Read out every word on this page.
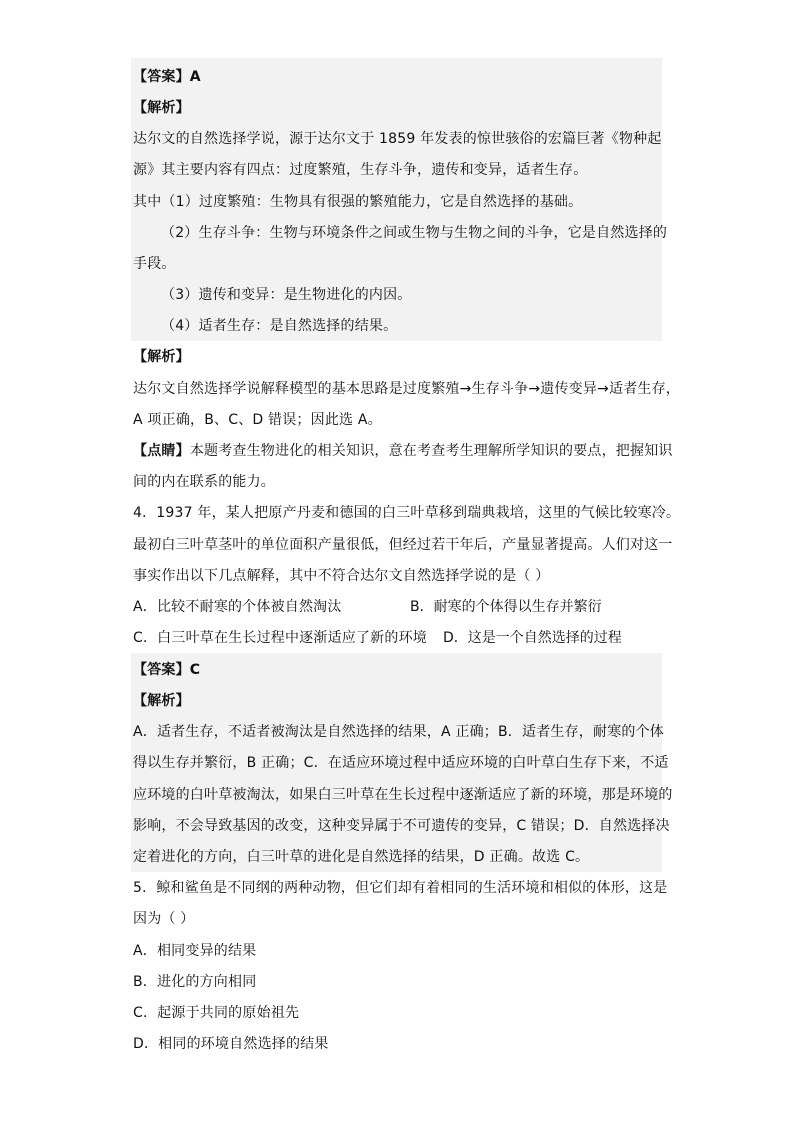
【答案】A
【解析】
达尔文的自然选择学说，源于达尔文于 1859 年发表的惊世骇俗的宏篇巨著《物种起
源》其主要内容有四点：过度繁殖，生存斗争，遗传和变异，适者生存。
其中（1）过度繁殖：生物具有很强的繁殖能力，它是自然选择的基础。
（2）生存斗争：生物与环境条件之间或生物与生物之间的斗争，它是自然选择的
手段。
（3）遗传和变异：是生物进化的内因。
（4）适者生存：是自然选择的结果。
【解析】
达尔文自然选择学说解释模型的基本思路是过度繁殖→生存斗争→遗传变异→适者生存，
A 项正确，B、C、D 错误；因此选 A。
【点睛】本题考查生物进化的相关知识，意在考查考生理解所学知识的要点，把握知识
间的内在联系的能力。
4．1937 年，某人把原产丹麦和德国的白三叶草移到瑞典栽培，这里的气候比较寒冷。
最初白三叶草茎叶的单位面积产量很低，但经过若干年后，产量显著提高。人们对这一
事实作出以下几点解释，其中不符合达尔文自然选择学说的是（ ）
A．比较不耐寒的个体被自然淘汰	B．耐寒的个体得以生存并繁衍
C．白三叶草在生长过程中逐渐适应了新的环境 D．这是一个自然选择的过程
【答案】C
【解析】
A．适者生存，不适者被淘汰是自然选择的结果，A 正确；B．适者生存，耐寒的个体
得以生存并繁衍，B 正确；C．在适应环境过程中适应环境的白叶草白生存下来，不适
应环境的白叶草被淘汰，如果白三叶草在生长过程中逐渐适应了新的环境，那是环境的
影响，不会导致基因的改变，这种变异属于不可遗传的变异，C 错误；D．自然选择决
定着进化的方向，白三叶草的进化是自然选择的结果，D 正确。故选 C。
5．鲸和鲨鱼是不同纲的两种动物，但它们却有着相同的生活环境和相似的体形，这是
因为（ ）
A．相同变异的结果
B．进化的方向相同
C．起源于共同的原始祖先
D．相同的环境自然选择的结果
